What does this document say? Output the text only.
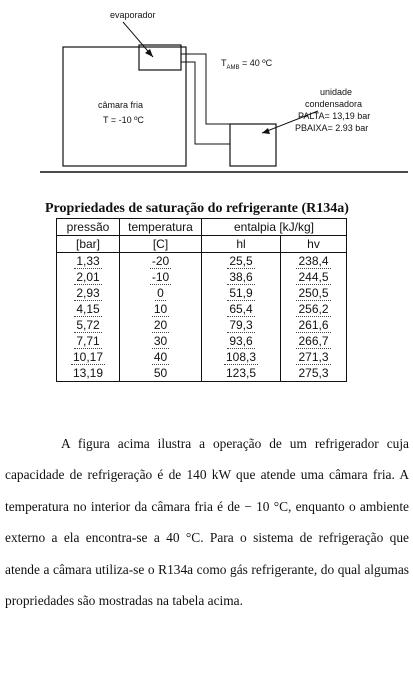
evaporador
câmara fria
T = -10 ºC
$T_{AMB} = 40$ ºC
unidade
condensadora
PALTA= 13,19 bar
PBAIXA= 2.93 bar
Propriedades de saturação do refrigerante (R134a)
pressão	temperatura	entalpia [kJ/kg]	
[bar]	[C]	hl	hv
1,33	-20	25,5	238,4
2,01	-10	38,6	244,5
2,93	0	51,9	250,5
4,15	10	65,4	256,2
5,72	20	79,3	261,6
7,71	30	93,6	266,7
10,17	40	108,3	271,3
13,19	50	123,5	275,3

A figura acima ilustra a operação de um refrigerador cuja capacidade de refrigeração é de 140 kW que atende uma câmara fria. A temperatura no interior da câmara fria é de − 10 °C, enquanto o ambiente externo a ela encontra-se a 40 °C. Para o sistema de refrigeração que atende a câmara utiliza-se o R134a como gás refrigerante, do qual algumas propriedades são mostradas na tabela acima.
